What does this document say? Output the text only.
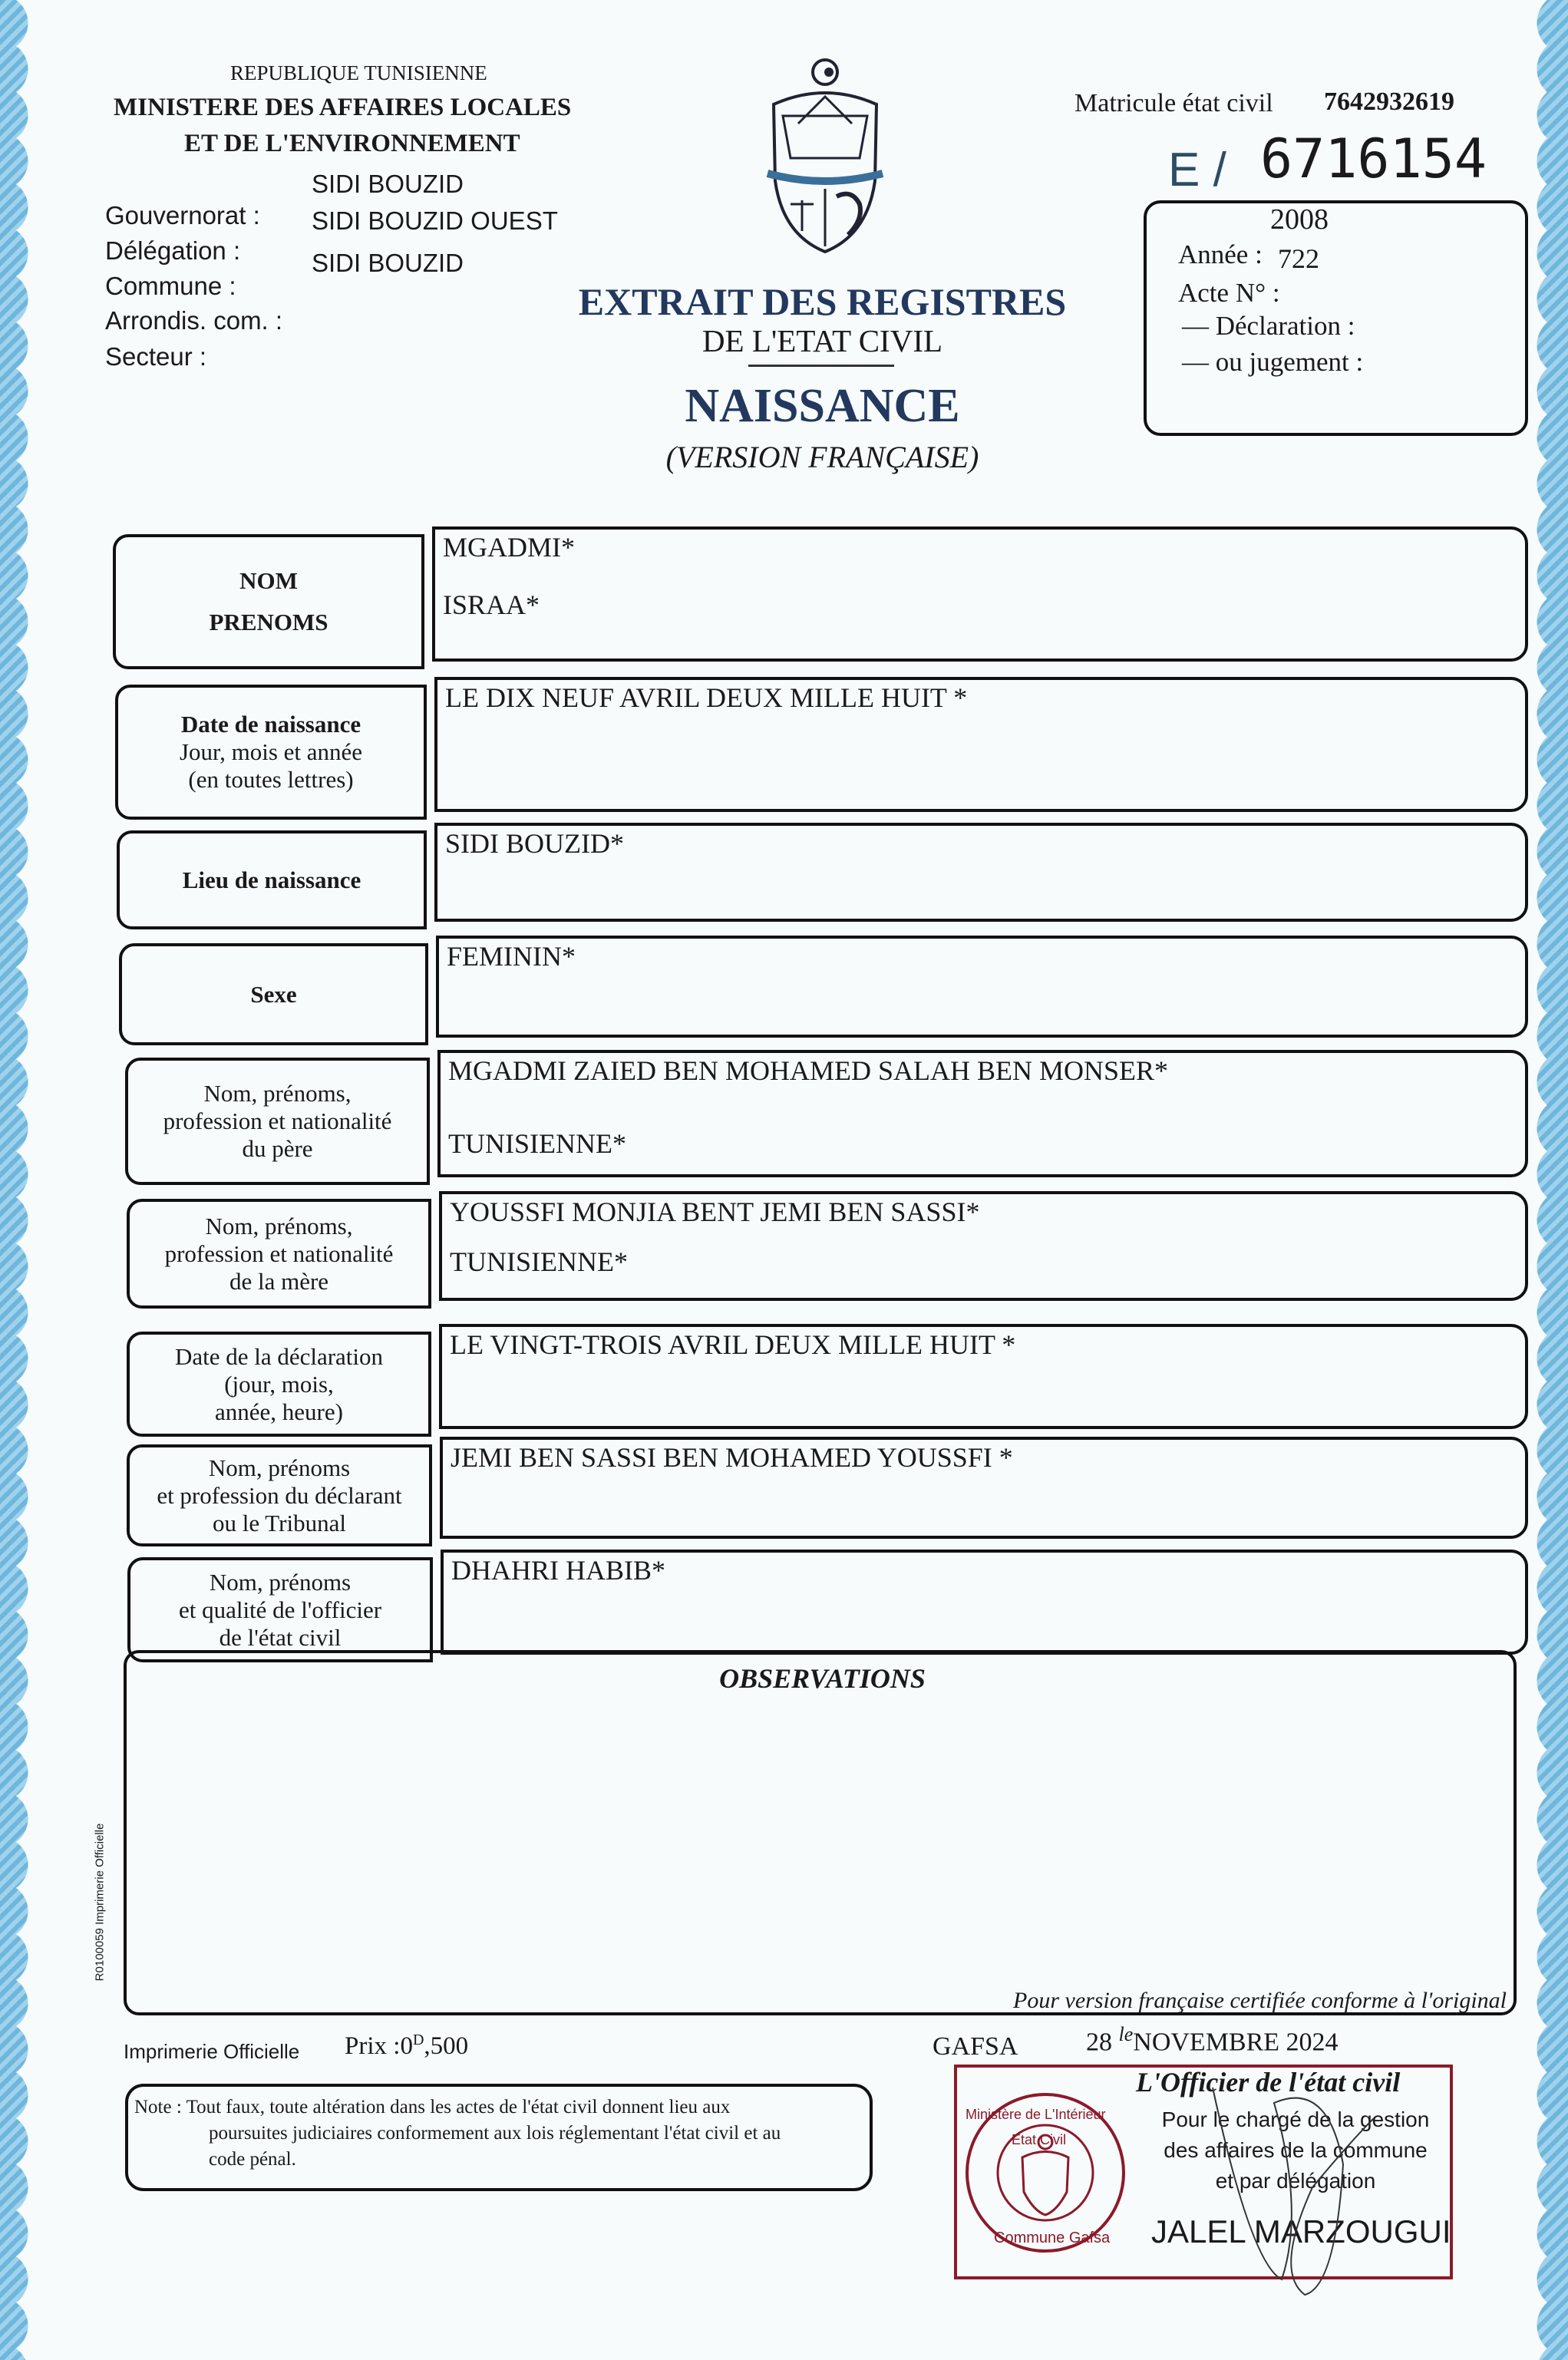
REPUBLIQUE TUNISIENNE
MINISTERE DES AFFAIRES LOCALES
ET DE L'ENVIRONNEMENT
Gouvernorat :
Délégation :
Commune :
Arrondis. com. :
Secteur :
SIDI BOUZID
SIDI BOUZID OUEST
SIDI BOUZID
EXTRAIT DES REGISTRES
DE L'ETAT CIVIL
NAISSANCE
(VERSION FRANÇAISE)
Matricule état civil 7642932619
E / 6716154
2008
Année : 722
Acte N° :
— Déclaration :
— ou jugement :
NOM
PRENOMS
MGADMI*
ISRAA*
Date de naissance
Jour, mois et année
(en toutes lettres)
LE DIX NEUF AVRIL DEUX MILLE HUIT *
Lieu de naissance
SIDI BOUZID*
Sexe
FEMININ*
Nom, prénoms,
profession et nationalité
du père
MGADMI ZAIED BEN MOHAMED SALAH BEN MONSER*
TUNISIENNE*
Nom, prénoms,
profession et nationalité
de la mère
YOUSSFI MONJIA BENT JEMI BEN SASSI*
TUNISIENNE*
Date de la déclaration
(jour, mois,
année, heure)
LE VINGT-TROIS AVRIL DEUX MILLE HUIT *
Nom, prénoms
et profession du déclarant
ou le Tribunal
JEMI BEN SASSI BEN MOHAMED YOUSSFI *
Nom, prénoms
et qualité de l'officier
de l'état civil
DHAHRI HABIB*
OBSERVATIONS
R0100059 Imprimerie Officielle
Pour version française certifiée conforme à l'original
Imprimerie Officielle Prix $:0^D,500$	GAFSA	28 $^{le}$NOVEMBRE 2024
Note : Tout faux, toute altération dans les actes de l'état civil donnent lieu aux
poursuites judiciaires conformement aux lois réglementant l'état civil et au
code pénal.
L'Officier de l'état civil
Ministère de L'Intérieur
Etat Civil
Commune Gafsa
Pour le chargé de la gestion
des affaires de la commune
et par délégation
JALEL MARZOUGUI
